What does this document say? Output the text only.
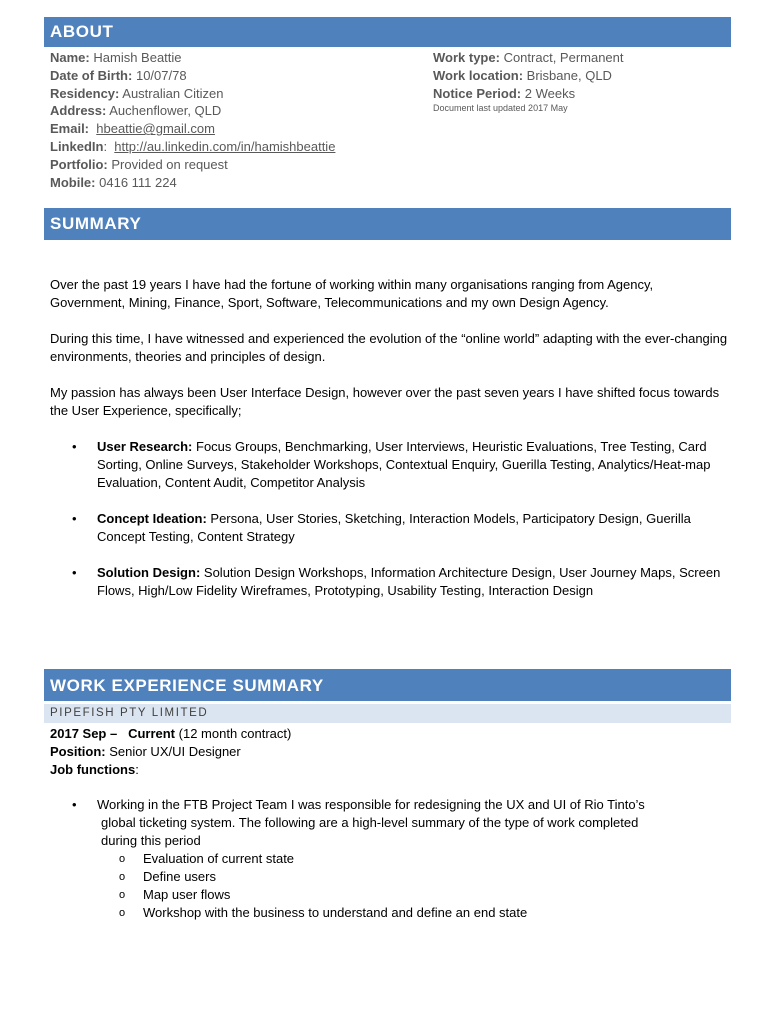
ABOUT
Name: Hamish Beattie
Date of Birth: 10/07/78
Residency: Australian Citizen
Address: Auchenflower, QLD
Email: hbeattie@gmail.com
LinkedIn:  http://au.linkedin.com/in/hamishbeattie
Portfolio: Provided on request
Mobile: 0416 111 224
Work type: Contract, Permanent
Work location: Brisbane, QLD
Notice Period: 2 Weeks
Document last updated 2017 May
SUMMARY
Over the past 19 years I have had the fortune of working within many organisations ranging from Agency, Government, Mining, Finance, Sport, Software, Telecommunications and my own Design Agency.
During this time, I have witnessed and experienced the evolution of the “online world” adapting with the ever-changing environments, theories and principles of design.
My passion has always been User Interface Design, however over the past seven years I have shifted focus towards the User Experience, specifically;
• User Research: Focus Groups, Benchmarking, User Interviews, Heuristic Evaluations, Tree Testing, Card Sorting, Online Surveys, Stakeholder Workshops, Contextual Enquiry, Guerilla Testing, Analytics/Heat-map Evaluation, Content Audit, Competitor Analysis
• Concept Ideation: Persona, User Stories, Sketching, Interaction Models, Participatory Design, Guerilla Concept Testing, Content Strategy
• Solution Design: Solution Design Workshops, Information Architecture Design, User Journey Maps, Screen Flows, High/Low Fidelity Wireframes, Prototyping, Usability Testing, Interaction Design
WORK EXPERIENCE SUMMARY
PIPEFISH PTY LIMITED
2017 Sep – Current (12 month contract)
Position: Senior UX/UI Designer
Job functions:
• Working in the FTB Project Team I was responsible for redesigning the UX and UI of Rio Tinto’s
global ticketing system. The following are a high-level summary of the type of work completed
during this period
o Evaluation of current state
o Define users
o Map user flows
o Workshop with the business to understand and define an end state
